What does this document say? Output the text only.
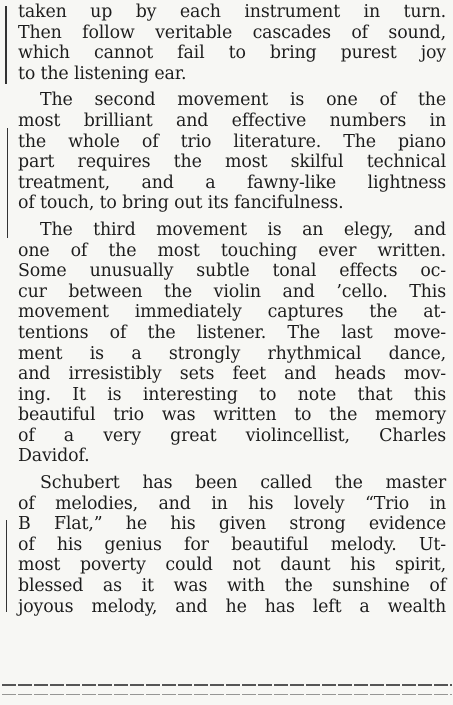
taken up by each instrument in turn.
Then follow veritable cascades of sound,
which cannot fail to bring purest joy
to the listening ear.
The second movement is one of the
most brilliant and effective numbers in
the whole of trio literature. The piano
part requires the most skilful technical
treatment, and a fawny-like lightness
of touch, to bring out its fancifulness.
The third movement is an elegy, and
one of the most touching ever written.
Some unusually subtle tonal effects oc-
cur between the violin and ’cello. This
movement immediately captures the at-
tentions of the listener. The last move-
ment is a strongly rhythmical dance,
and irresistibly sets feet and heads mov-
ing. It is interesting to note that this
beautiful trio was written to the memory
of a very great violincellist, Charles
Davidof.
Schubert has been called the master
of melodies, and in his lovely “Trio in
B Flat,” he his given strong evidence
of his genius for beautiful melody. Ut-
most poverty could not daunt his spirit,
blessed as it was with the sunshine of
joyous melody, and he has left a wealth
